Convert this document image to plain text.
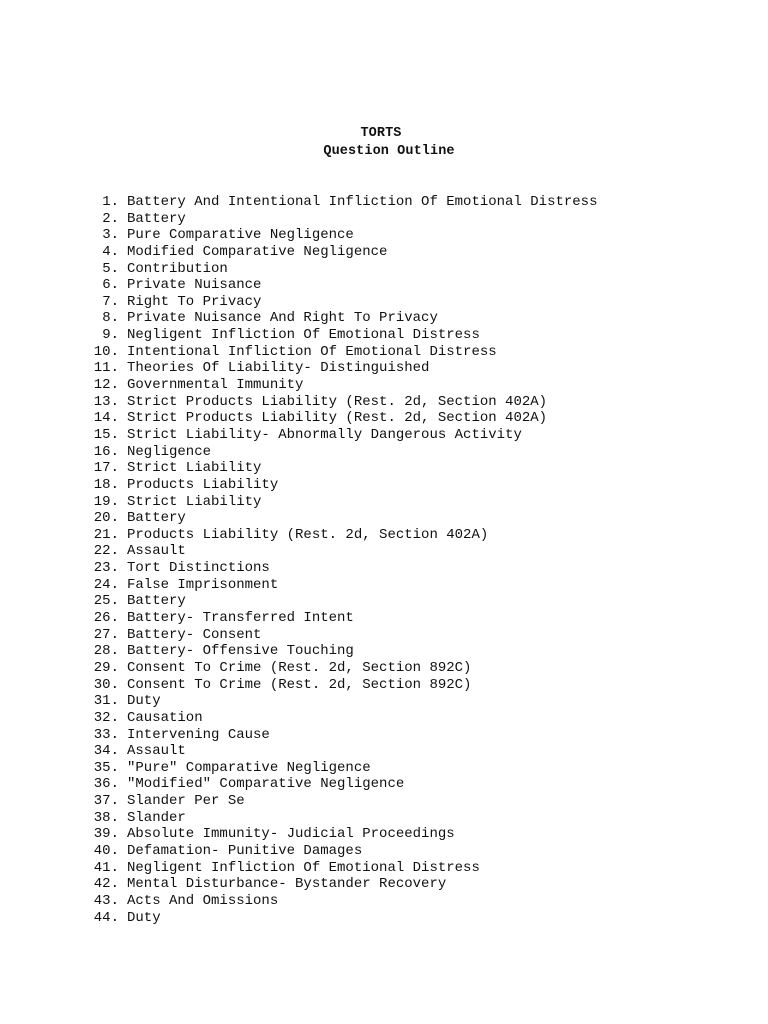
TORTS
Question Outline
1. Battery And Intentional Infliction Of Emotional Distress
2. Battery
3. Pure Comparative Negligence
4. Modified Comparative Negligence
5. Contribution
6. Private Nuisance
7. Right To Privacy
8. Private Nuisance And Right To Privacy
9. Negligent Infliction Of Emotional Distress
10. Intentional Infliction Of Emotional Distress
11. Theories Of Liability- Distinguished
12. Governmental Immunity
13. Strict Products Liability (Rest. 2d, Section 402A)
14. Strict Products Liability (Rest. 2d, Section 402A)
15. Strict Liability- Abnormally Dangerous Activity
16. Negligence
17. Strict Liability
18. Products Liability
19. Strict Liability
20. Battery
21. Products Liability (Rest. 2d, Section 402A)
22. Assault
23. Tort Distinctions
24. False Imprisonment
25. Battery
26. Battery- Transferred Intent
27. Battery- Consent
28. Battery- Offensive Touching
29. Consent To Crime (Rest. 2d, Section 892C)
30. Consent To Crime (Rest. 2d, Section 892C)
31. Duty
32. Causation
33. Intervening Cause
34. Assault
35. "Pure" Comparative Negligence
36. "Modified" Comparative Negligence
37. Slander Per Se
38. Slander
39. Absolute Immunity- Judicial Proceedings
40. Defamation- Punitive Damages
41. Negligent Infliction Of Emotional Distress
42. Mental Disturbance- Bystander Recovery
43. Acts And Omissions
44. Duty
